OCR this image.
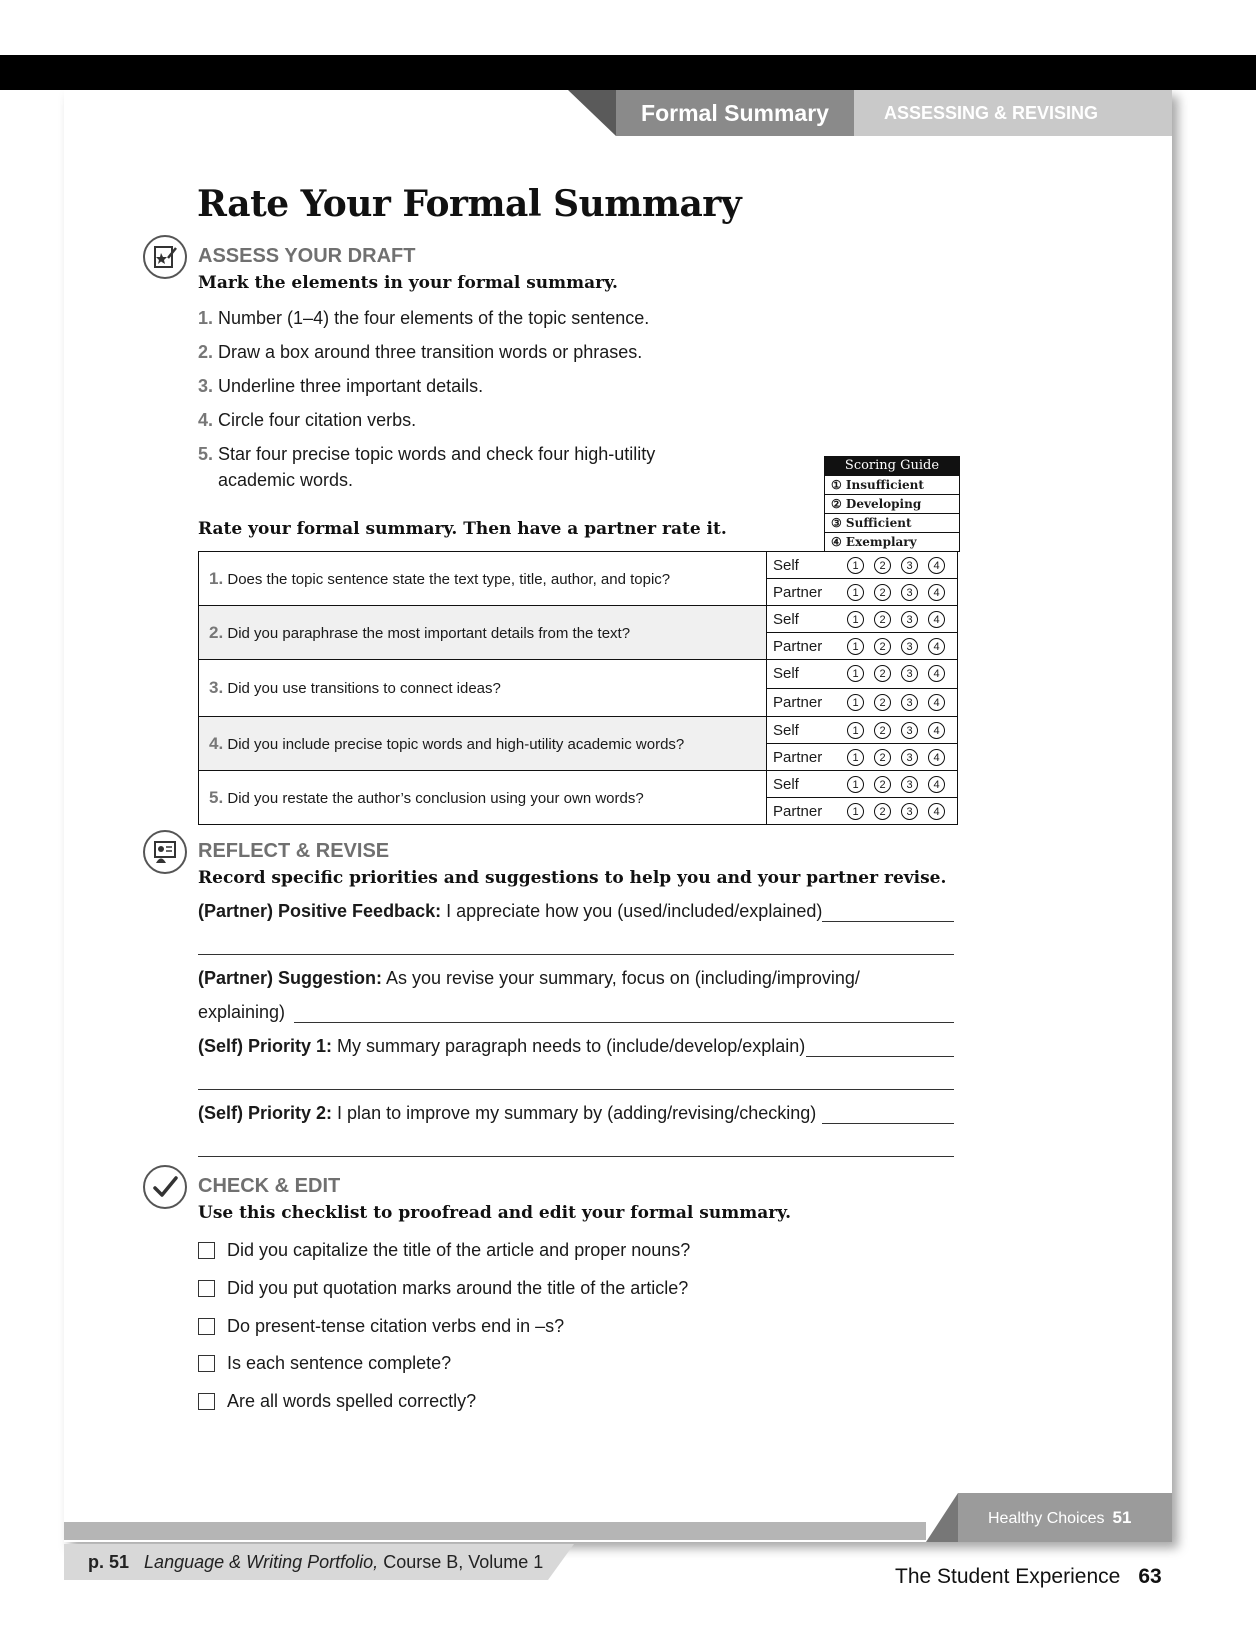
Formal Summary	ASSESSING & REVISING
Rate Your Formal Summary
ASSESS YOUR DRAFT
Mark the elements in your formal summary.
1. Number (1–4) the four elements of the topic sentence.
2. Draw a box around three transition words or phrases.
3. Underline three important details.
4. Circle four citation verbs.
5. Star four precise topic words and check four high-utility academic words.
Scoring Guide
① Insufficient
② Developing
③ Sufficient
④ Exemplary
Rate your formal summary. Then have a partner rate it.
1. Does the topic sentence state the text type, title, author, and topic?	Self 1 2 3 4

	Partner 1 2 3 4

2. Did you paraphrase the most important details from the text?	Self 1 2 3 4

	Partner 1 2 3 4

3. Did you use transitions to connect ideas?	Self 1 2 3 4

	Partner 1 2 3 4

4. Did you include precise topic words and high-utility academic words?	Self 1 2 3 4

	Partner 1 2 3 4

5. Did you restate the author’s conclusion using your own words?	Self 1 2 3 4

	Partner 1 2 3 4
REFLECT & REVISE
Record specific priorities and suggestions to help you and your partner revise.
(Partner) Positive Feedback: I appreciate how you (used/included/explained)
(Partner) Suggestion: As you revise your summary, focus on (including/improving/
explaining)
(Self) Priority 1: My summary paragraph needs to (include/develop/explain)
(Self) Priority 2: I plan to improve my summary by (adding/revising/checking)
CHECK & EDIT
Use this checklist to proofread and edit your formal summary.
Did you capitalize the title of the article and proper nouns?
Did you put quotation marks around the title of the article?
Do present-tense citation verbs end in –s?
Is each sentence complete?
Are all words spelled correctly?
Healthy Choices 51
p. 51 Language & Writing Portfolio, Course B, Volume 1
The Student Experience 63
